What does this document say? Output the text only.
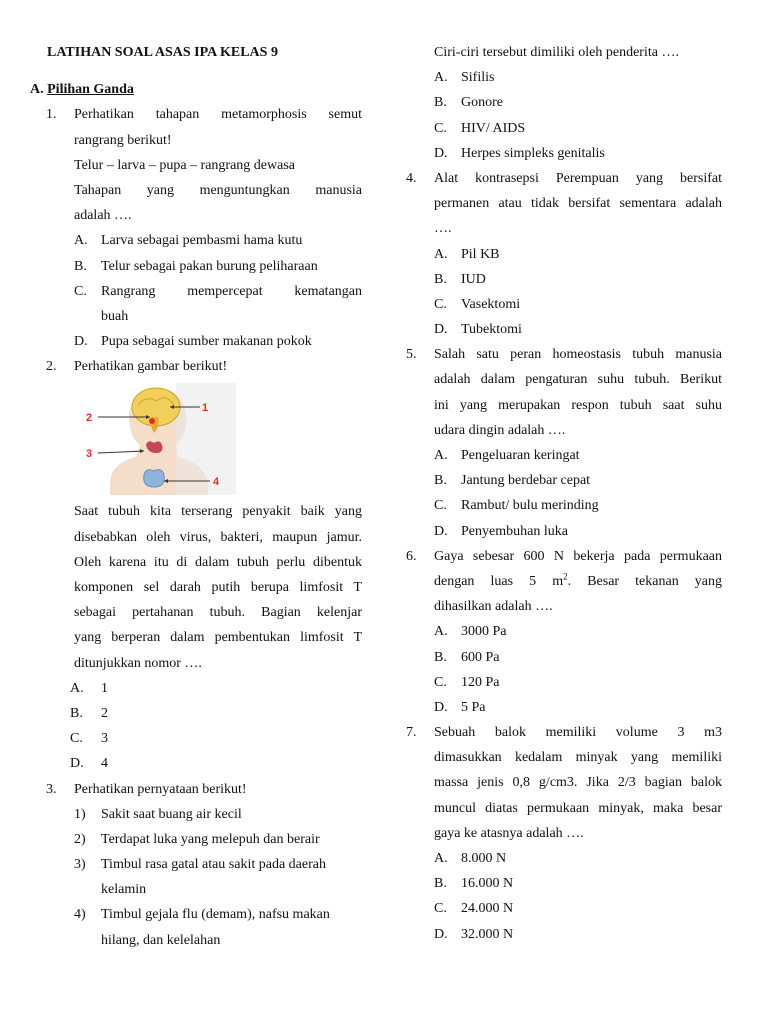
LATIHAN SOAL ASAS IPA KELAS 9
A. Pilihan Ganda
1. Perhatikan tahapan metamorphosis semut
rangrang berikut!
Telur – larva – pupa – rangrang dewasa
Tahapan yang menguntungkan manusia
adalah ….
A. Larva sebagai pembasmi hama kutu
B. Telur sebagai pakan burung peliharaan
C. Rangrang mempercepat kematangan
buah
D. Pupa sebagai sumber makanan pokok
2. Perhatikan gambar berikut!
1
2
3
4
Saat tubuh kita terserang penyakit baik yang
disebabkan oleh virus, bakteri, maupun jamur.
Oleh karena itu di dalam tubuh perlu dibentuk
komponen sel darah putih berupa limfosit T
sebagai pertahanan tubuh. Bagian kelenjar
yang berperan dalam pembentukan limfosit T
ditunjukkan nomor ….
A. 1
B. 2
C. 3
D. 4
3. Perhatikan pernyataan berikut!
1) Sakit saat buang air kecil
2) Terdapat luka yang melepuh dan berair
3) Timbul rasa gatal atau sakit pada daerah
kelamin
4) Timbul gejala flu (demam), nafsu makan
hilang, dan kelelahan
Ciri-ciri tersebut dimiliki oleh penderita ….
A. Sifilis
B. Gonore
C. HIV/ AIDS
D. Herpes simpleks genitalis
4. Alat kontrasepsi Perempuan yang bersifat
permanen atau tidak bersifat sementara adalah
….
A. Pil KB
B. IUD
C. Vasektomi
D. Tubektomi
5. Salah satu peran homeostasis tubuh manusia
adalah dalam pengaturan suhu tubuh. Berikut
ini yang merupakan respon tubuh saat suhu
udara dingin adalah ….
A. Pengeluaran keringat
B. Jantung berdebar cepat
C. Rambut/ bulu merinding
D. Penyembuhan luka
6. Gaya sebesar 600 N bekerja pada permukaan
dengan luas 5 $m^2$. Besar tekanan yang
dihasilkan adalah ….
A. 3000 Pa
B. 600 Pa
C. 120 Pa
D. 5 Pa
7. Sebuah balok memiliki volume 3 m3
dimasukkan kedalam minyak yang memiliki
massa jenis 0,8 g/cm3. Jika 2/3 bagian balok
muncul diatas permukaan minyak, maka besar
gaya ke atasnya adalah ….
A. 8.000 N
B. 16.000 N
C. 24.000 N
D. 32.000 N
